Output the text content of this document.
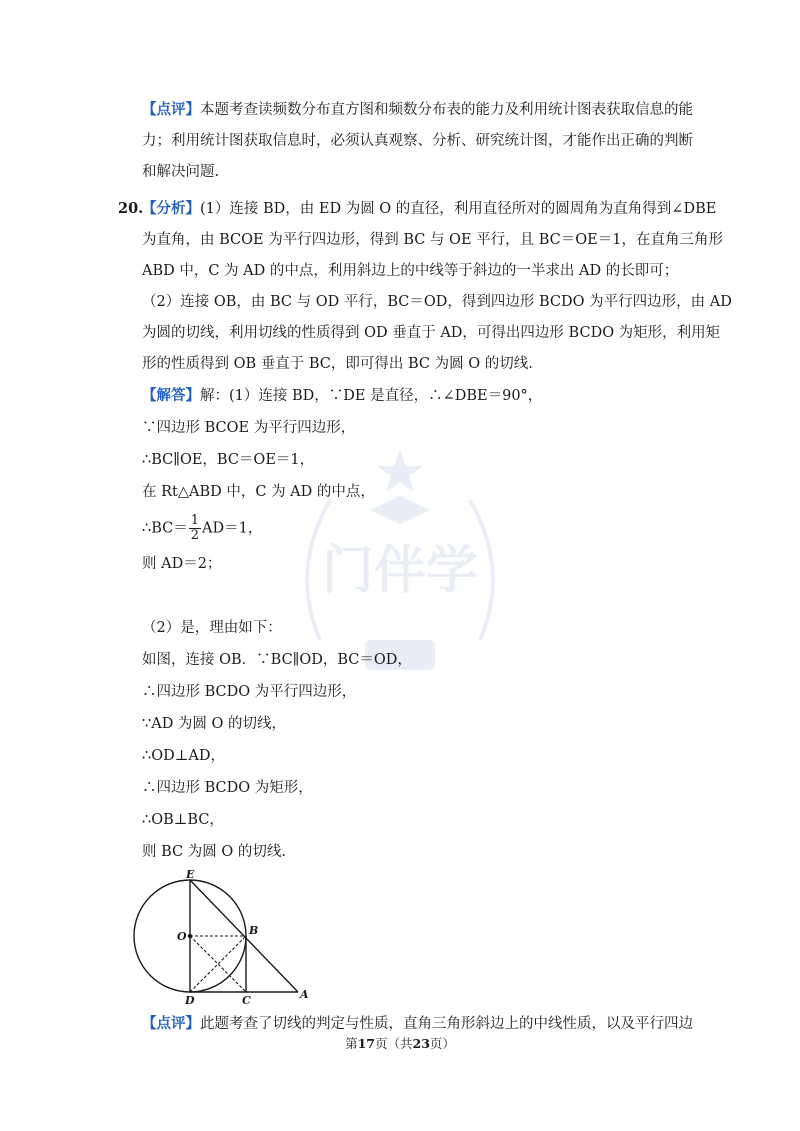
门伴学
【点评】本题考查读频数分布直方图和频数分布表的能力及利用统计图表获取信息的能
力；利用统计图获取信息时，必须认真观察、分析、研究统计图，才能作出正确的判断
和解决问题.
20.
【分析】(1）连接 BD，由 ED 为圆 O 的直径，利用直径所对的圆周角为直角得到∠DBE
为直角，由 BCOE 为平行四边形，得到 BC 与 OE 平行，且 BC＝OE＝1，在直角三角形
ABD 中，C 为 AD 的中点，利用斜边上的中线等于斜边的一半求出 AD 的长即可；
（2）连接 OB，由 BC 与 OD 平行，BC＝OD，得到四边形 BCDO 为平行四边形，由 AD
为圆的切线，利用切线的性质得到 OD 垂直于 AD，可得出四边形 BCDO 为矩形，利用矩
形的性质得到 OB 垂直于 BC，即可得出 BC 为圆 O 的切线.
【解答】解：(1）连接 BD，∵DE 是直径，∴∠DBE＝90°，
∵四边形 BCOE 为平行四边形，
∴BC∥OE，BC＝OE＝1，
在 Rt△ABD 中，C 为 AD 的中点，
∴BC＝ $\frac{1}{2} AD=1$，
则 AD＝2；
（2）是，理由如下：
如图，连接 OB．∵BC∥OD，BC＝OD，
∴四边形 BCDO 为平行四边形，
∵AD 为圆 O 的切线，
∴OD⊥AD，
∴四边形 BCDO 为矩形，
∴OB⊥BC，
则 BC 为圆 O 的切线.
E
O	B
D	C	A
【点评】此题考查了切线的判定与性质，直角三角形斜边上的中线性质，以及平行四边
第17页（共23页）
